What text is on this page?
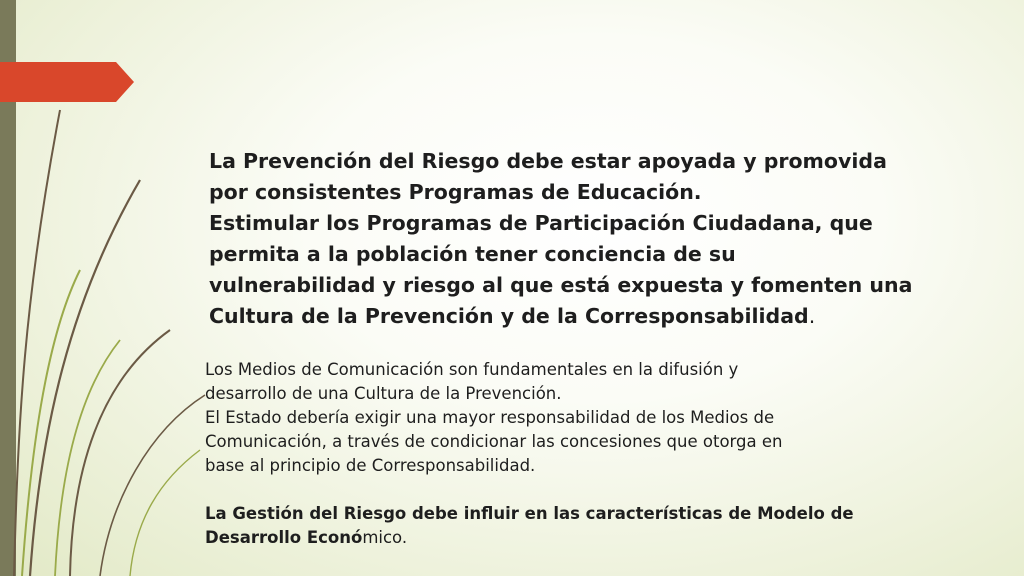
La Prevención del Riesgo debe estar apoyada y promovida
por consistentes Programas de Educación.
Estimular los Programas de Participación Ciudadana, que
permita a la población tener conciencia de su
vulnerabilidad y riesgo al que está expuesta y fomenten una
Cultura de la Prevención y de la Corresponsabilidad.
Los Medios de Comunicación son fundamentales en la difusión y
desarrollo de una Cultura de la Prevención.
El Estado debería exigir una mayor responsabilidad de los Medios de
Comunicación, a través de condicionar las concesiones que otorga en
base al principio de Corresponsabilidad.
La Gestión del Riesgo debe influir en las características de Modelo de
Desarrollo Económico.
